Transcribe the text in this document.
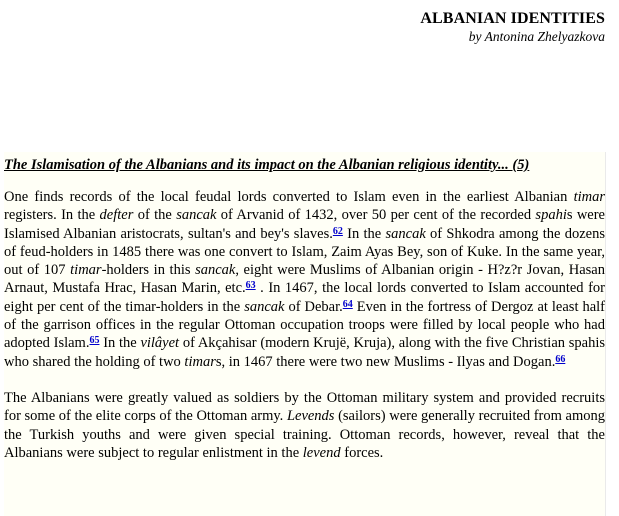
ALBANIAN IDENTITIES
by Antonina Zhelyazkova
The Islamisation of the Albanians and its impact on the Albanian religious identity... (5)

One finds records of the local feudal lords converted to Islam even in the earliest Albanian timar registers. In the defter of the sancak of Arvanid of 1432, over 50 per cent of the recorded spahis were Islamised Albanian aristocrats, sultan's and bey's slaves.$^{62}$ In the sancak of Shkodra among the dozens of feud-holders in 1485 there was one convert to Islam, Zaim Ayas Bey, son of Kuke. In the same year, out of 107 timar-holders in this sancak, eight were Muslims of Albanian origin - H?z?r Jovan, Hasan Arnaut, Mustafa Hrac, Hasan Marin, etc.$^{63}$ . In 1467, the local lords converted to Islam accounted for eight per cent of the timar-holders in the sancak of Debar.$^{64}$ Even in the fortress of Dergoz at least half of the garrison offices in the regular Ottoman occupation troops were filled by local people who had adopted Islam.$^{65}$ In the vilâyet of Akçahisar (modern Krujë, Kruja), along with the five Christian spahis who shared the holding of two timars, in 1467 there were two new Muslims - Ilyas and Dogan.$^{66}$

The Albanians were greatly valued as soldiers by the Ottoman military system and provided recruits for some of the elite corps of the Ottoman army. Levends (sailors) were generally recruited from among the Turkish youths and were given special training. Ottoman records, however, reveal that the Albanians were subject to regular enlistment in the levend forces.
